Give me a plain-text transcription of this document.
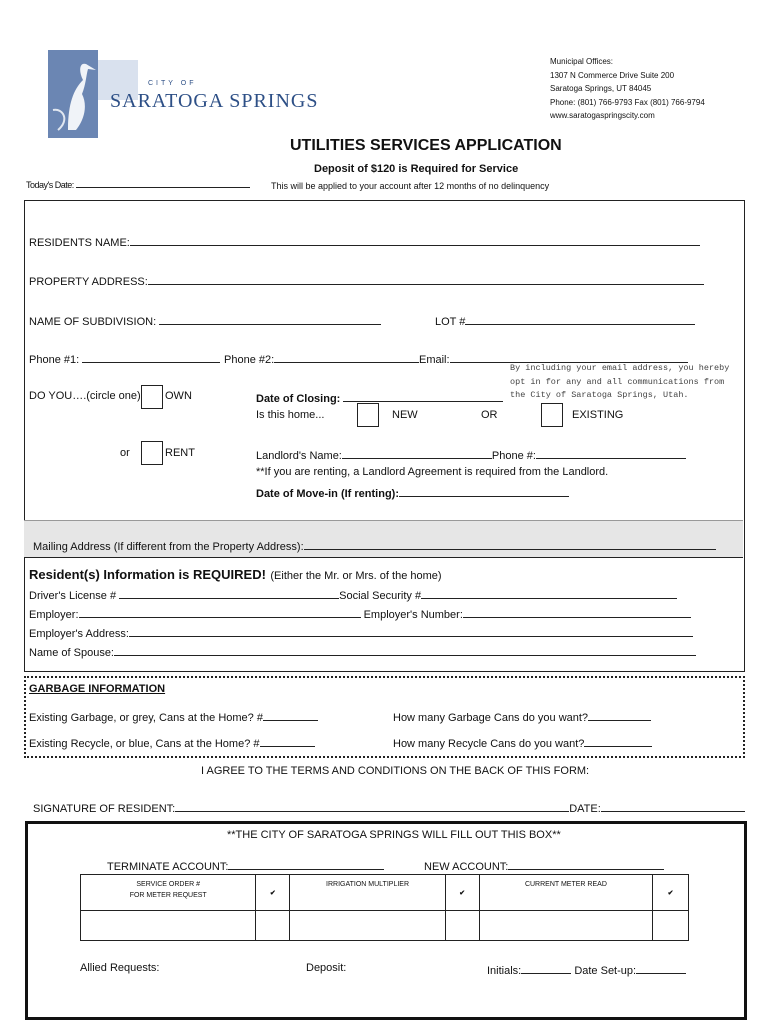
CITY OF
SARATOGA SPRINGS
Municipal Offices:
1307 N Commerce Drive Suite 200
Saratoga Springs, UT 84045
Phone: (801) 766-9793 Fax (801) 766-9794
www.saratogaspringscity.com
UTILITIES SERVICES APPLICATION
Deposit of $120 is Required for Service
This will be applied to your account after 12 months of no delinquency
Today's Date:
RESIDENTS NAME:
PROPERTY ADDRESS:
NAME OF SUBDIVISION:	LOT #
Phone #1:	Phone #2:	Email:
By including your email address, you hereby opt in for any and all communications from the City of Saratoga Springs, Utah.
DO YOU….(circle one) OWN	Date of Closing:
Is this home...	NEW	OR	EXISTING
or	RENT	Landlord's Name:	Phone #:
**If you are renting, a Landlord Agreement is required from the Landlord.
Date of Move-in (If renting):
Mailing Address (If different from the Property Address):
Resident(s) Information is REQUIRED! (Either the Mr. or Mrs. of the home)
Driver's License #	Social Security #
Employer:	Employer's Number:
Employer's Address:
Name of Spouse:
GARBAGE INFORMATION
Existing Garbage, or grey, Cans at the Home? #	How many Garbage Cans do you want?
Existing Recycle, or blue, Cans at the Home? #	How many Recycle Cans do you want?
I AGREE TO THE TERMS AND CONDITIONS ON THE BACK OF THIS FORM:
SIGNATURE OF RESIDENT:	DATE:
**THE CITY OF SARATOGA SPRINGS WILL FILL OUT THIS BOX**
TERMINATE ACCOUNT:	NEW ACCOUNT:
SERVICE ORDER #
FOR METER REQUEST	✔	IRRIGATION MULTIPLIER	✔	CURRENT METER READ	✔

Allied Requests:	Deposit:	Initials:	Date Set-up:
